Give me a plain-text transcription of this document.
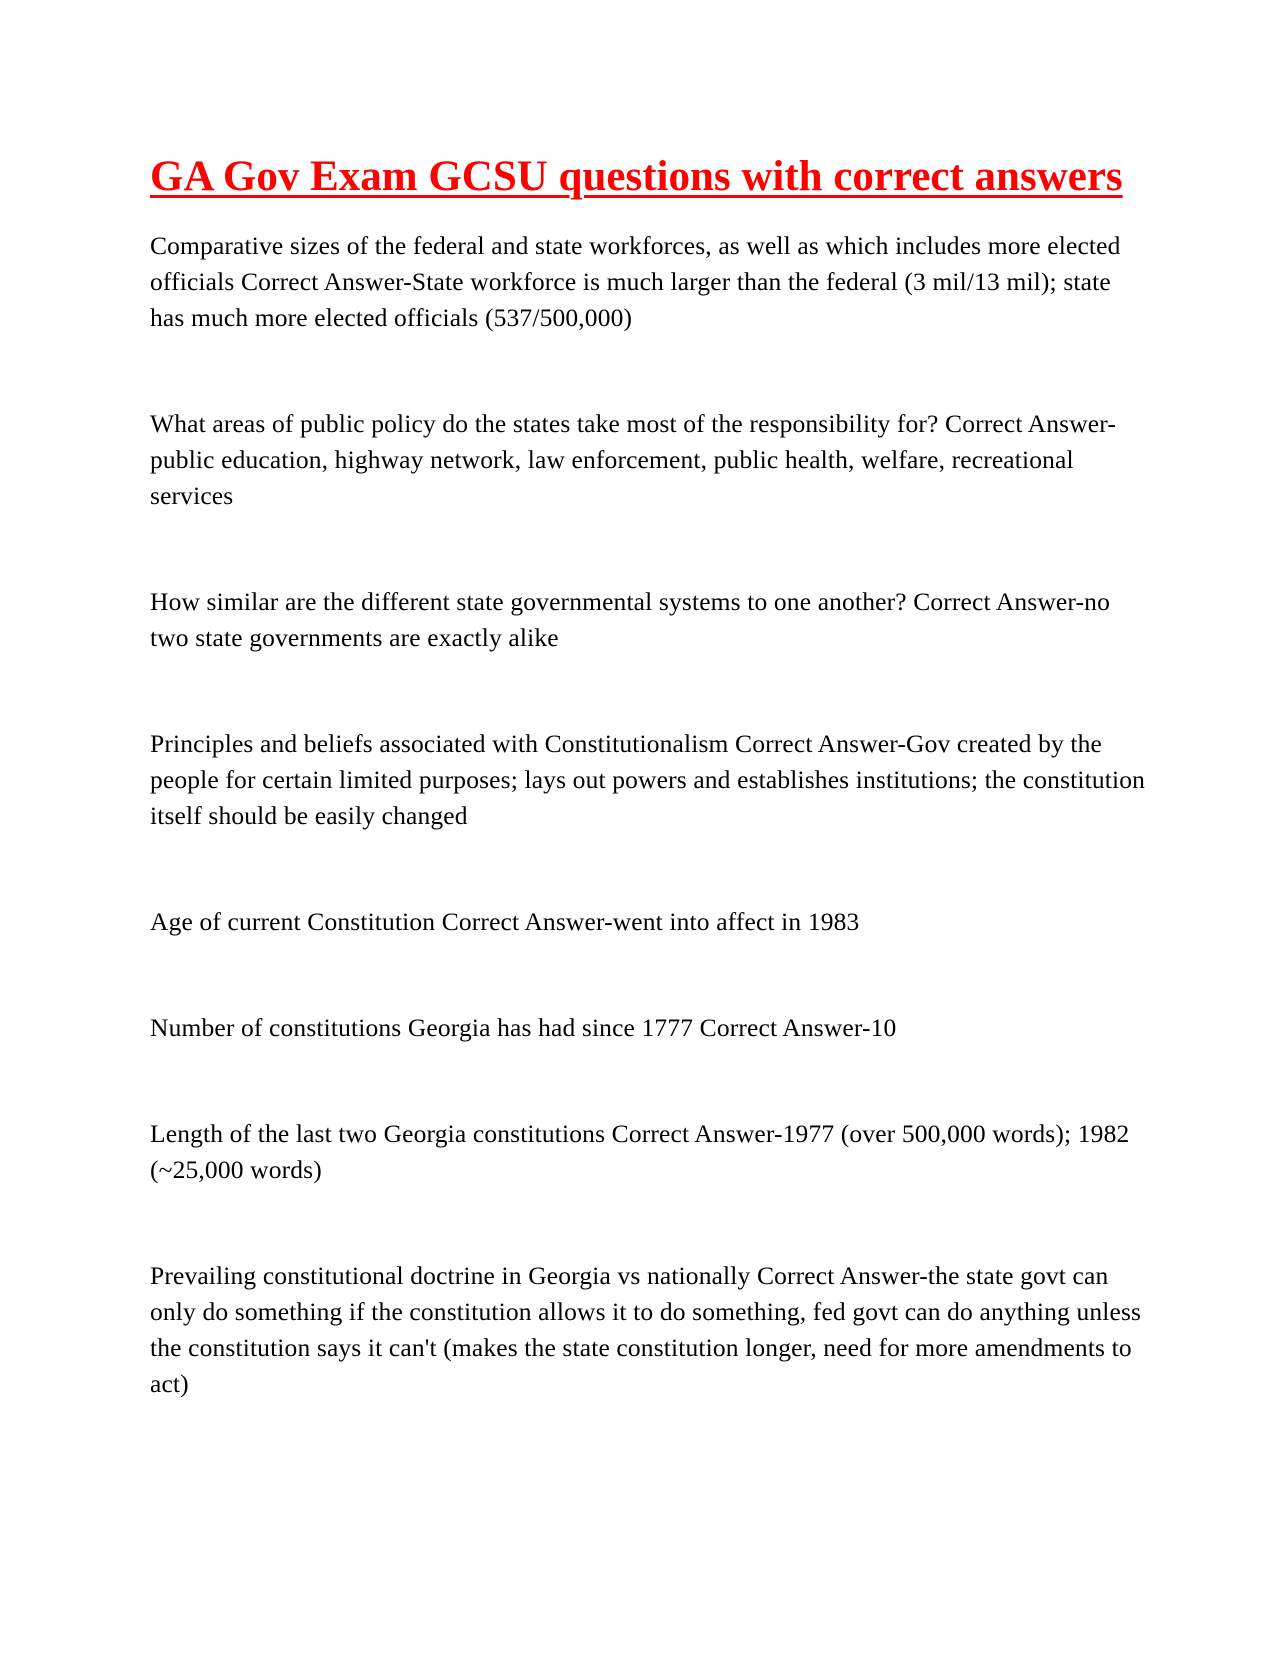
GA Gov Exam GCSU questions with correct answers

Comparative sizes of the federal and state workforces, as well as which includes more elected officials Correct Answer-State workforce is much larger than the federal (3 mil/13 mil); state has much more elected officials (537/500,000)

What areas of public policy do the states take most of the responsibility for? Correct Answer-public education, highway network, law enforcement, public health, welfare, recreational services

How similar are the different state governmental systems to one another? Correct Answer-no two state governments are exactly alike

Principles and beliefs associated with Constitutionalism Correct Answer-Gov created by the people for certain limited purposes; lays out powers and establishes institutions; the constitution itself should be easily changed

Age of current Constitution Correct Answer-went into affect in 1983

Number of constitutions Georgia has had since 1777 Correct Answer-10

Length of the last two Georgia constitutions Correct Answer-1977 (over 500,000 words); 1982 (~25,000 words)

Prevailing constitutional doctrine in Georgia vs nationally Correct Answer-the state govt can only do something if the constitution allows it to do something, fed govt can do anything unless the constitution says it can't (makes the state constitution longer, need for more amendments to act)
